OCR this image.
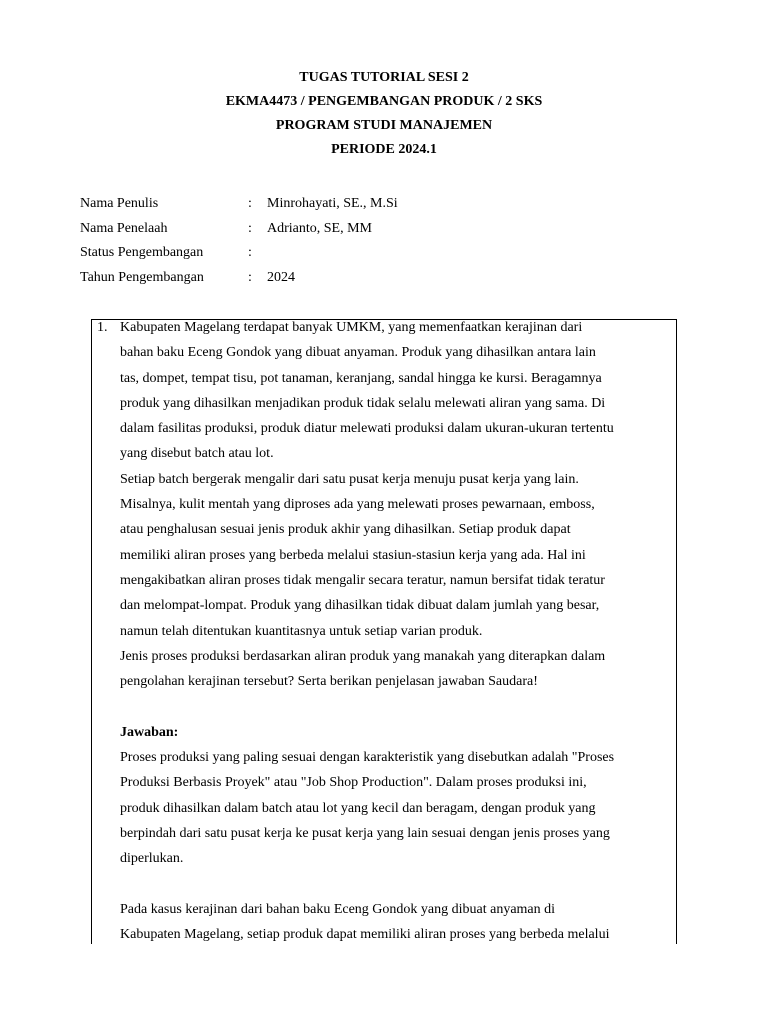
TUGAS TUTORIAL SESI 2
EKMA4473 / PENGEMBANGAN PRODUK / 2 SKS
PROGRAM STUDI MANAJEMEN
PERIODE 2024.1
Nama Penulis	: Minrohayati, SE., M.Si
Nama Penelaah	: Adrianto, SE, MM
Status Pengembangan	:
Tahun Pengembangan	: 2024
1. Kabupaten Magelang terdapat banyak UMKM, yang memenfaatkan kerajinan dari
bahan baku Eceng Gondok yang dibuat anyaman. Produk yang dihasilkan antara lain
tas, dompet, tempat tisu, pot tanaman, keranjang, sandal hingga ke kursi. Beragamnya
produk yang dihasilkan menjadikan produk tidak selalu melewati aliran yang sama. Di
dalam fasilitas produksi, produk diatur melewati produksi dalam ukuran-ukuran tertentu
yang disebut batch atau lot.
Setiap batch bergerak mengalir dari satu pusat kerja menuju pusat kerja yang lain.
Misalnya, kulit mentah yang diproses ada yang melewati proses pewarnaan, emboss,
atau penghalusan sesuai jenis produk akhir yang dihasilkan. Setiap produk dapat
memiliki aliran proses yang berbeda melalui stasiun-stasiun kerja yang ada. Hal ini
mengakibatkan aliran proses tidak mengalir secara teratur, namun bersifat tidak teratur
dan melompat-lompat. Produk yang dihasilkan tidak dibuat dalam jumlah yang besar,
namun telah ditentukan kuantitasnya untuk setiap varian produk.
Jenis proses produksi berdasarkan aliran produk yang manakah yang diterapkan dalam
pengolahan kerajinan tersebut? Serta berikan penjelasan jawaban Saudara!
Jawaban:
Proses produksi yang paling sesuai dengan karakteristik yang disebutkan adalah "Proses
Produksi Berbasis Proyek" atau "Job Shop Production". Dalam proses produksi ini,
produk dihasilkan dalam batch atau lot yang kecil dan beragam, dengan produk yang
berpindah dari satu pusat kerja ke pusat kerja yang lain sesuai dengan jenis proses yang
diperlukan.
Pada kasus kerajinan dari bahan baku Eceng Gondok yang dibuat anyaman di
Kabupaten Magelang, setiap produk dapat memiliki aliran proses yang berbeda melalui
